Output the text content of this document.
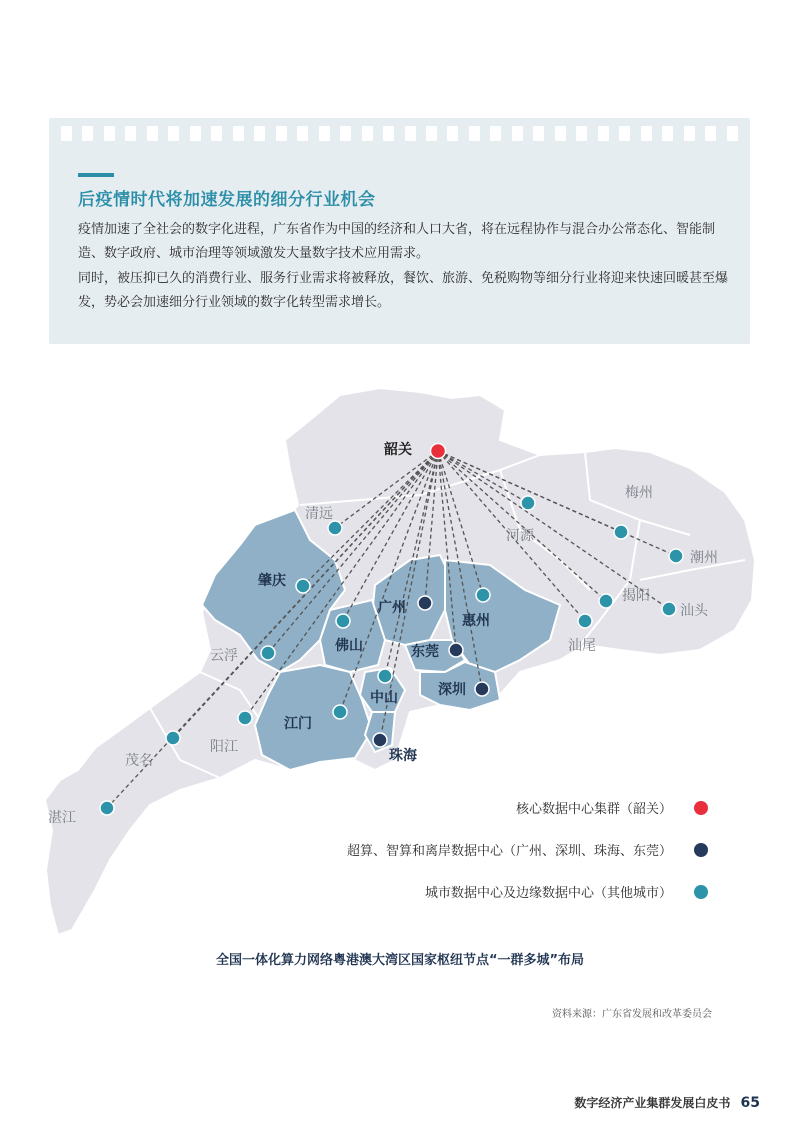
后疫情时代将加速发展的细分行业机会
疫情加速了全社会的数字化进程，广东省作为中国的经济和人口大省，将在远程协作与混合办公常态化、智能制造、数字政府、城市治理等领域激发大量数字技术应用需求。
同时，被压抑已久的消费行业、服务行业需求将被释放，餐饮、旅游、免税购物等细分行业将迎来快速回暖甚至爆发，势必会加速细分行业领域的数字化转型需求增长。
韶关
清远
河源
梅州
潮州
肇庆
广州
惠州
揭阳
汕头
佛山	东莞
云浮
汕尾
中山	深圳
江门
阳江
珠海
茂名
湛江	核心数据中心集群（韶关）
超算、智算和离岸数据中心（广州、深圳、珠海、东莞）
城市数据中心及边缘数据中心（其他城市）
全国一体化算力网络粤港澳大湾区国家枢纽节点“一群多城”布局
资料来源：广东省发展和改革委员会
数字经济产业集群发展白皮书 65
